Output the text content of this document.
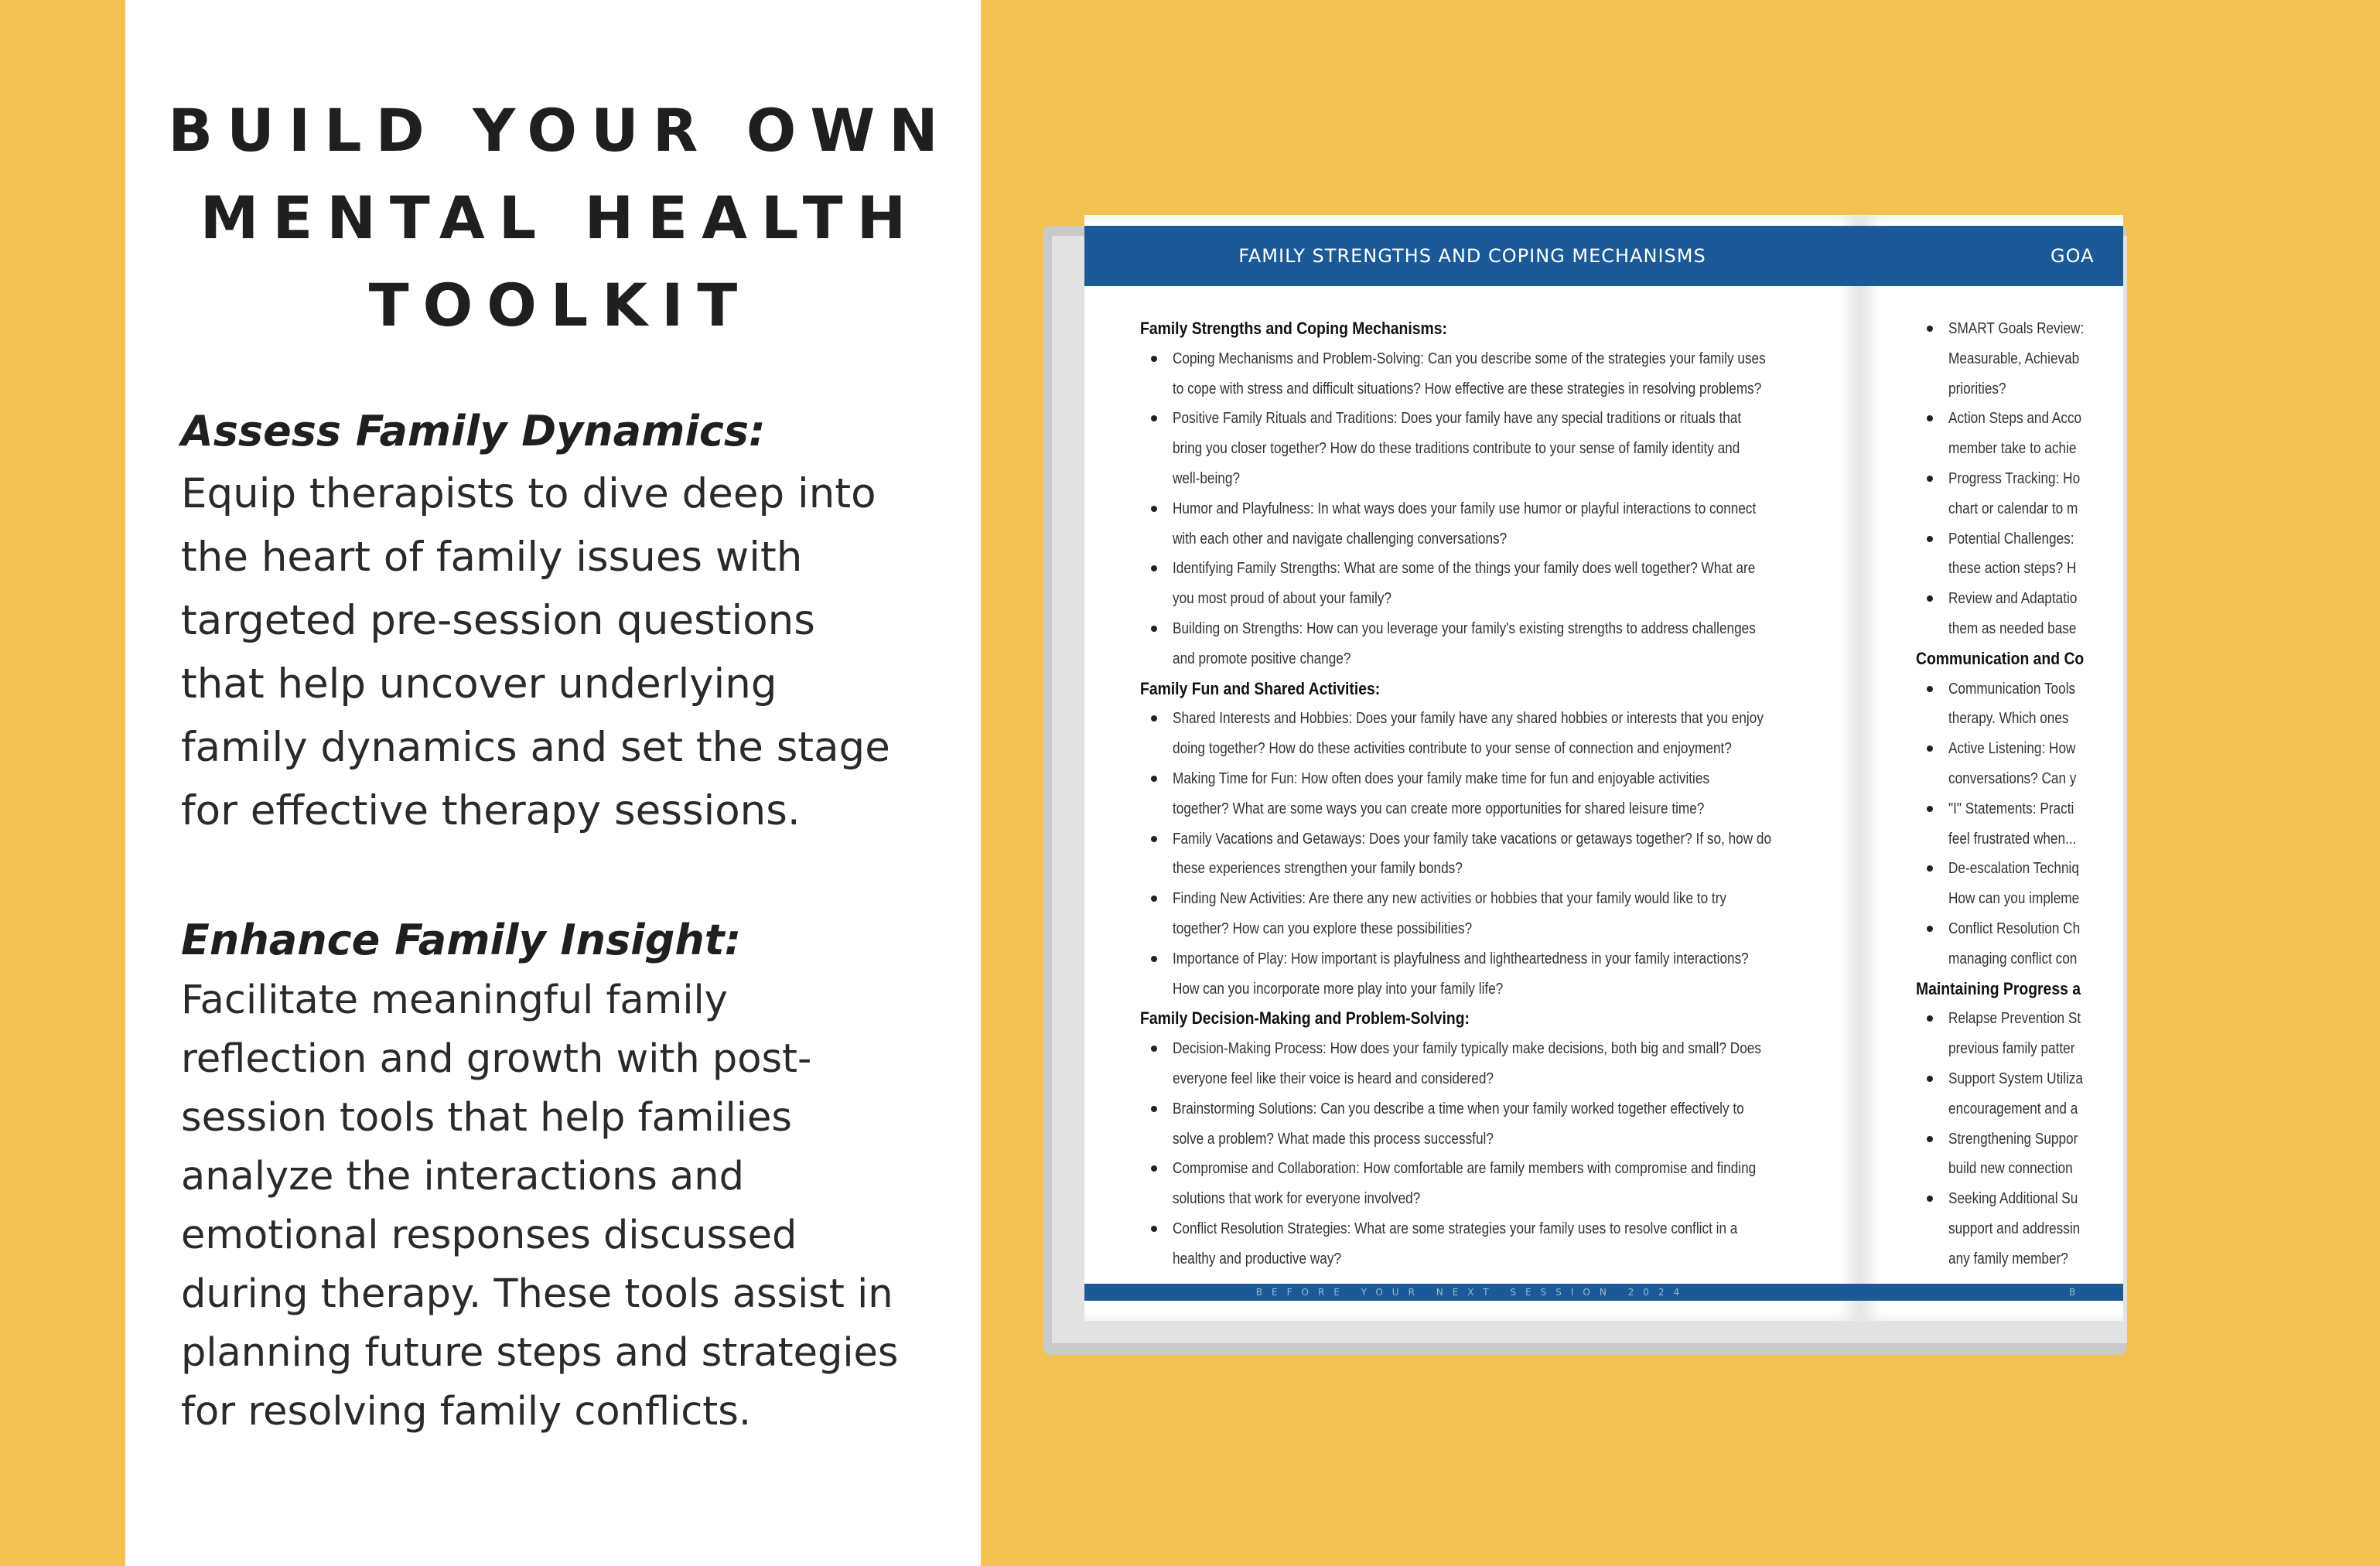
BUILD YOUR OWN
MENTAL HEALTH
TOOLKIT
Assess Family Dynamics:

Equip therapists to dive deep into

the heart of family issues with

targeted pre-session questions

that help uncover underlying

family dynamics and set the stage

for effective therapy sessions.

Enhance Family Insight:

Facilitate meaningful family

reflection and growth with post-

session tools that help families

analyze the interactions and

emotional responses discussed

during therapy. These tools assist in

planning future steps and strategies

for resolving family conflicts.

FAMILY STRENGTHS AND COPING MECHANISMS
Family Strengths and Coping Mechanisms:
Coping Mechanisms and Problem-Solving: Can you describe some of the strategies your family uses
to cope with stress and difficult situations? How effective are these strategies in resolving problems?
Positive Family Rituals and Traditions: Does your family have any special traditions or rituals that
bring you closer together? How do these traditions contribute to your sense of family identity and
well-being?
Humor and Playfulness: In what ways does your family use humor or playful interactions to connect
with each other and navigate challenging conversations?
Identifying Family Strengths: What are some of the things your family does well together? What are
you most proud of about your family?
Building on Strengths: How can you leverage your family's existing strengths to address challenges
and promote positive change?
Family Fun and Shared Activities:
Shared Interests and Hobbies: Does your family have any shared hobbies or interests that you enjoy
doing together? How do these activities contribute to your sense of connection and enjoyment?
Making Time for Fun: How often does your family make time for fun and enjoyable activities
together? What are some ways you can create more opportunities for shared leisure time?
Family Vacations and Getaways: Does your family take vacations or getaways together? If so, how do
these experiences strengthen your family bonds?
Finding New Activities: Are there any new activities or hobbies that your family would like to try
together? How can you explore these possibilities?
Importance of Play: How important is playfulness and lightheartedness in your family interactions?
How can you incorporate more play into your family life?
Family Decision-Making and Problem-Solving:
Decision-Making Process: How does your family typically make decisions, both big and small? Does
everyone feel like their voice is heard and considered?
Brainstorming Solutions: Can you describe a time when your family worked together effectively to
solve a problem? What made this process successful?
Compromise and Collaboration: How comfortable are family members with compromise and finding
solutions that work for everyone involved?
Conflict Resolution Strategies: What are some strategies your family uses to resolve conflict in a
healthy and productive way?
BEFORE YOUR NEXT SESSION 2024
GOA
SMART Goals Review:
Measurable, Achievab
priorities?
Action Steps and Acco
member take to achie
Progress Tracking: Ho
chart or calendar to m
Potential Challenges:
these action steps? H
Review and Adaptatio
them as needed base
Communication and Co
Communication Tools
therapy. Which ones
Active Listening: How
conversations? Can y
"I" Statements: Practi
feel frustrated when...
De-escalation Techniq
How can you impleme
Conflict Resolution Ch
managing conflict con
Maintaining Progress a
Relapse Prevention St
previous family patter
Support System Utiliza
encouragement and a
Strengthening Suppor
build new connection
Seeking Additional Su
support and addressin
any family member?
B
